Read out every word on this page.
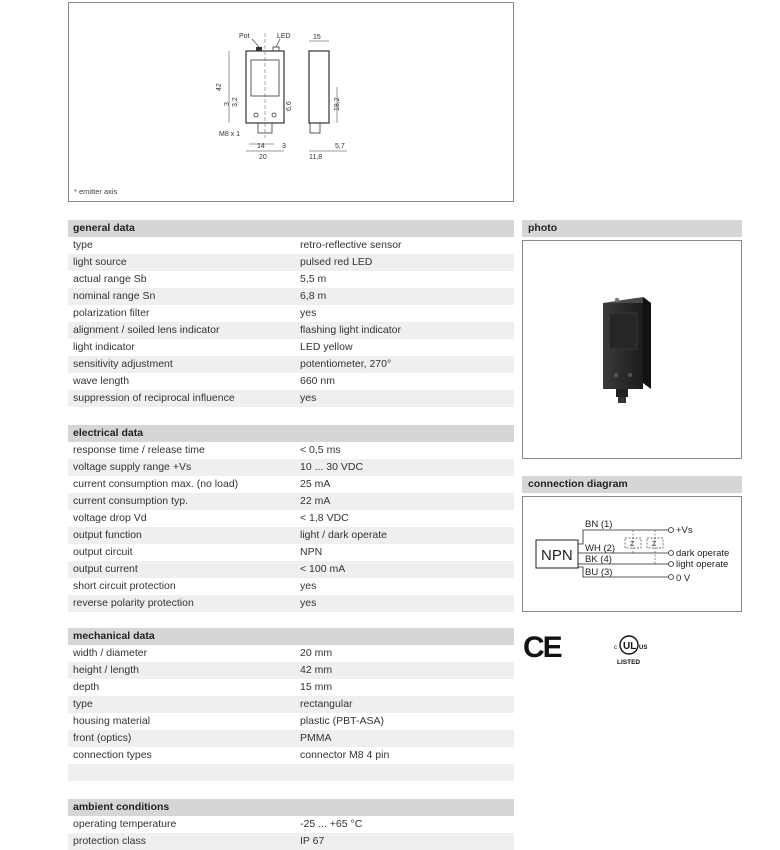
Pot	LED
42
3 3,2	6,6
M8 x 1
14 3
20
15
18,2
11,8
5,7
* emitter axis
general data
type	retro-reflective sensor
light source	pulsed red LED
actual range Sb	5,5 m
nominal range Sn	6,8 m
polarization filter	yes
alignment / soiled lens indicator	flashing light indicator
light indicator	LED yellow
sensitivity adjustment	potentiometer, 270°
wave length	660 nm
suppression of reciprocal influence	yes
electrical data
response time / release time	< 0,5 ms
voltage supply range +Vs	10 ... 30 VDC
current consumption max. (no load)	25 mA
current consumption typ.	22 mA
voltage drop Vd	< 1,8 VDC
output function	light / dark operate
output circuit	NPN
output current	< 100 mA
short circuit protection	yes
reverse polarity protection	yes
mechanical data
width / diameter	20 mm
height / length	42 mm
depth	15 mm
type	rectangular
housing material	plastic (PBT-ASA)
front (optics)	PMMA
connection types	connector M8 4 pin
ambient conditions
operating temperature	-25 ... +65 °C
protection class	IP 67
photo
connection diagram
NPN
BN (1)
WH (2)
BK (4)
BU (3)
Z	Z
+Vs
dark operate
light operate
0 V
CE	UL
c	US
LISTED
